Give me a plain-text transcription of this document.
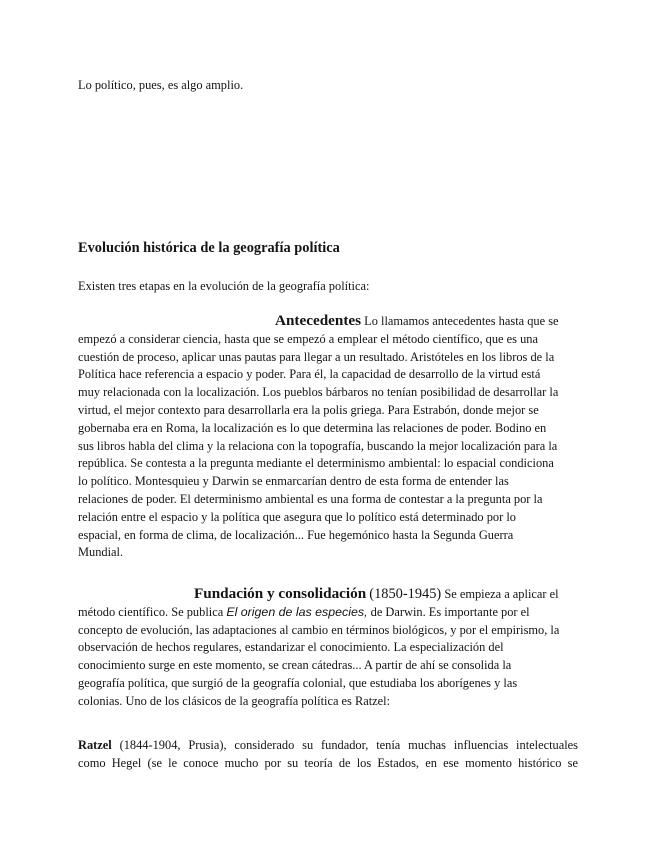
Lo político, pues, es algo amplio.

Evolución histórica de la geografía política

Existen tres etapas en la evolución de la geografía política:

Antecedentes Lo llamamos antecedentes hasta que se
empezó a considerar ciencia, hasta que se empezó a emplear el método científico, que es una
cuestión de proceso, aplicar unas pautas para llegar a un resultado. Aristóteles en los libros de la
Política hace referencia a espacio y poder. Para él, la capacidad de desarrollo de la virtud está
muy relacionada con la localización. Los pueblos bárbaros no tenían posibilidad de desarrollar la
virtud, el mejor contexto para desarrollarla era la polis griega. Para Estrabón, donde mejor se
gobernaba era en Roma, la localización es lo que determina las relaciones de poder. Bodino en
sus libros habla del clima y la relaciona con la topografía, buscando la mejor localización para la
república. Se contesta a la pregunta mediante el determinismo ambiental: lo espacial condiciona
lo político. Montesquieu y Darwin se enmarcarían dentro de esta forma de entender las
relaciones de poder. El determinismo ambiental es una forma de contestar a la pregunta por la
relación entre el espacio y la política que asegura que lo político está determinado por lo
espacial, en forma de clima, de localización... Fue hegemónico hasta la Segunda Guerra
Mundial.
Fundación y consolidación (1850-1945) Se empieza a aplicar el
método científico. Se publica El origen de las especies, de Darwin. Es importante por el
concepto de evolución, las adaptaciones al cambio en términos biológicos, y por el empirismo, la
observación de hechos regulares, estandarizar el conocimiento. La especialización del
conocimiento surge en este momento, se crean cátedras... A partir de ahí se consolida la
geografía política, que surgió de la geografía colonial, que estudiaba los aborígenes y las
colonias. Uno de los clásicos de la geografía política es Ratzel:
Ratzel (1844-1904, Prusia), considerado su fundador, tenía muchas influencias intelectuales
como Hegel (se le conoce mucho por su teoría de los Estados, en ese momento histórico se
